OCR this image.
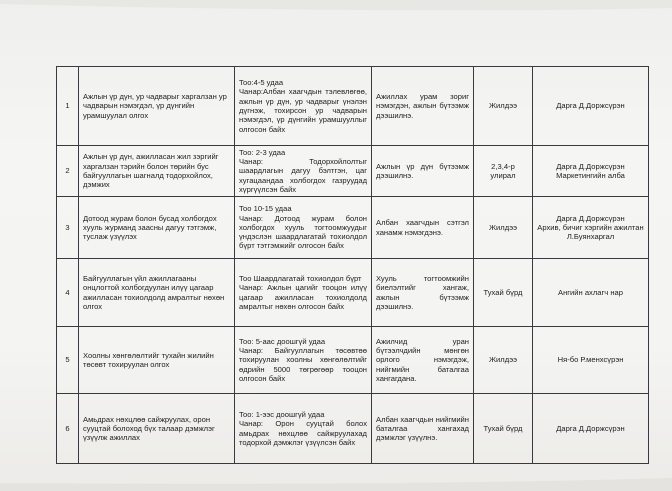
1	Ажлын үр дүн, ур чадварыг харгалзан ур чадварын нэмэгдэл, үр дүнгийн урамшуулал олгох	Тоо:4-5 удаа
Чанар:Албан хаагчдын тэлевлөгөө, ажлын үр дүн, ур чадварыг үнэлэн дүгнэж, тохирсон ур чадварын нэмэгдэл, үр дүнгийн урамшууллыг олгосон байх	Ажиллах урам зориг нэмэгдэн, ажлын бүтээмж дээшилнэ.	Жилдээ	Дарга Д.Доржсүрэн

2	Ажлын үр дүн, ажилласан жил зэргийг харгалзан тэрийн болон төрийн бус байгууллагын шагналд тодорхойлох, дэмжих	Тоо: 2-3 удаа
Чанар: Тодорхойлолтыг шаардлагын дагуу бэлтгэн, цаг хугацаандаа холбогдох газруудад хүргүүлсэн байх	Ажлын үр дүн бүтээмж дээшилнэ.	2,3,4-р улирал	Дарга Д.Доржсүрэн
Маркетингийн алба

3	Дотоод журам болон бусад холбогдох хууль журманд заасны дагуу тэтгэмж, туслаж үзүүлэх	Тоо 10-15 удаа
Чанар: Дотоод журам болон холбогдох хууль тогтоомжуудыг үндэслэн шаардлагатай тохиолдол бүрт тэтгэмжийг олгосон байх	Албан хаагчдын сэтгэл ханамж нэмэгдэнэ.	Жилдээ	Дарга Д.Доржсүрэн
Архив, бичиг хэргийн ажилтан Л.Буянхаргал

4	Байгууллагын үйл ажиллагааны онцлогтой холбогдуулан илүү цагаар ажилласан тохиолдолд амралтыг нөхөн олгох	Тоо Шаардлагатай тохиолдол бүрт
Чанар: Ажлын цагийг тооцон илүү цагаар ажилласан тохиолдолд амралтыг нөхөн олгосон байх	Хууль тогтоомжийн биелэлтийг хангаж, ажлын бүтээмж дээшилнэ.	Тухай бүрд	Ангийн ахлагч нар

5	Хоолны хөнгөлөлтийг тухайн жилийн төсөвт тохируулан олгох	Тоо: 5-аас доошгүй удаа
Чанар: Байгууллагын төсөвтөө тохируулан хоолны хөнгөлөлтийг өдрийн 5000 төгрөгөөр тооцон олгосон байх	Ажилчид уран бүтээлчдийн мөнгөн орлого нэмэгдэж, нийгмийн баталгаа хангагдана.	Жилдээ	Ня-бо Р.менхсүрэн

6	Амьдрах нөхцлөө сайжруулах, орон сууцтай болоход бүх талаар дэмжлэг үзүүлж ажиллах	Тоо: 1-ээс доошгүй удаа
Чанар: Орон сууцтай болох амьдрах нөхцлөө сайжруулахад тодорхой дэмжлэг үзүүлсэн байх	Албан хаагчдын нийгмийн баталгаа хангахад дэмжлэг үзүүлнэ.	Тухай бүрд	Дарга Д.Доржсүрэн
